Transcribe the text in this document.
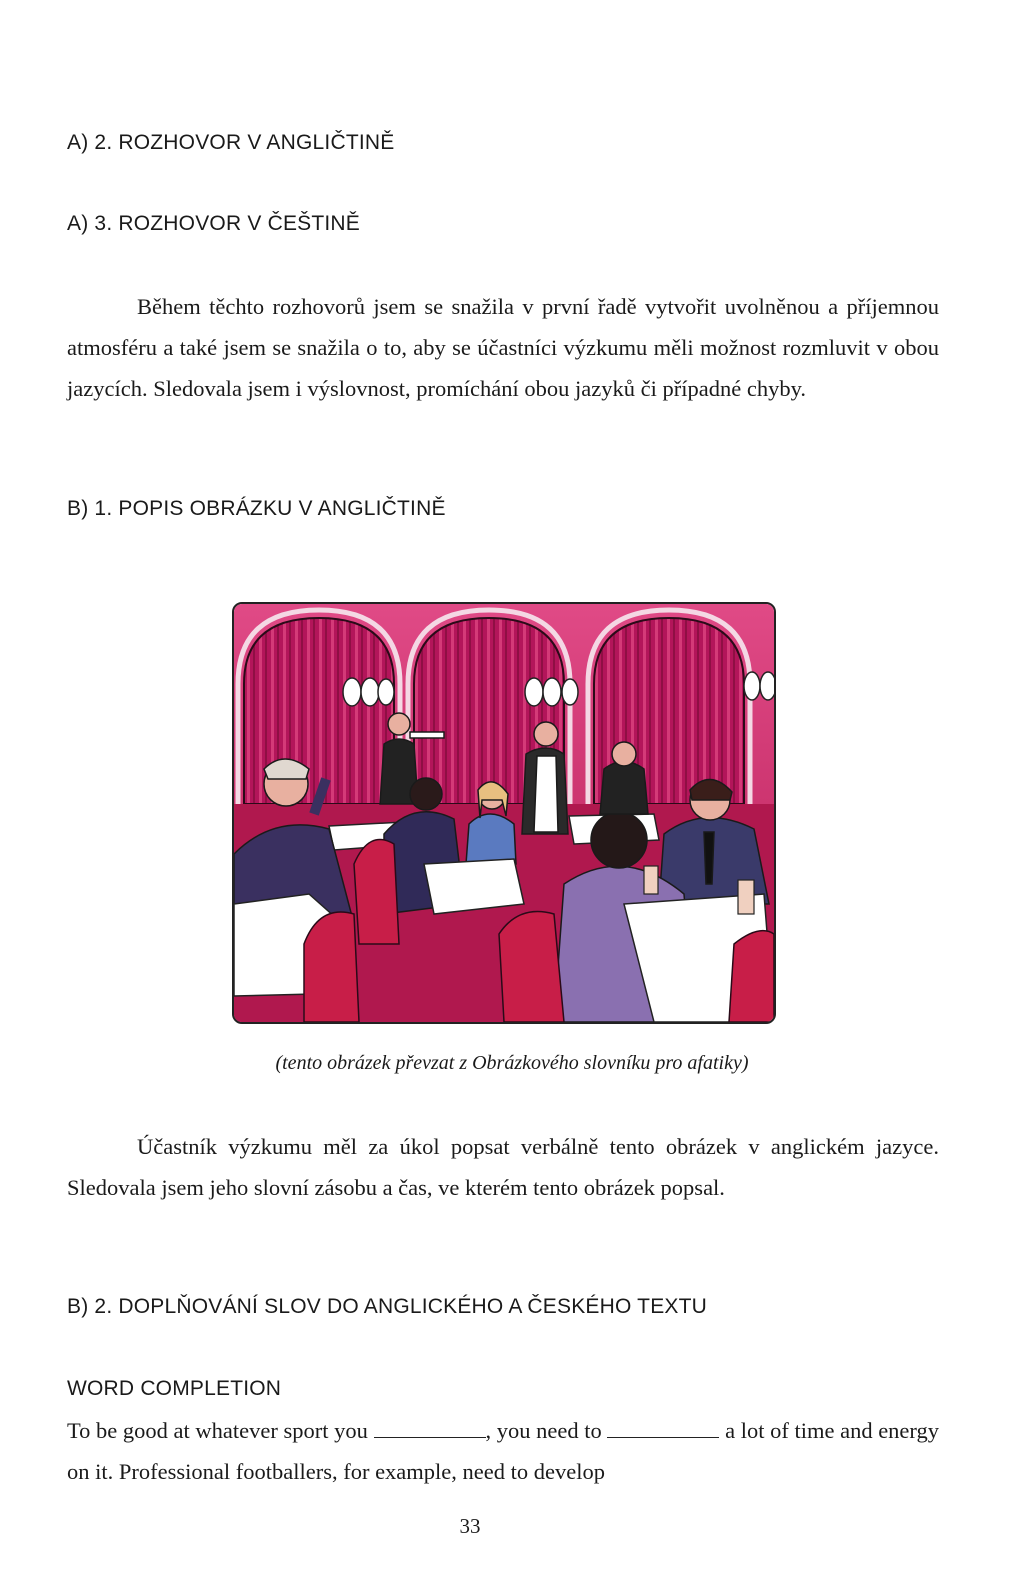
A) 2. ROZHOVOR V ANGLIČTINĚ
A) 3. ROZHOVOR V ČEŠTINĚ

Během těchto rozhovorů jsem se snažila v první řadě vytvořit uvolněnou a příjemnou atmosféru a také jsem se snažila o to, aby se účastníci výzkumu měli možnost rozmluvit v obou jazycích. Sledovala jsem i výslovnost, promíchání obou jazyků či případné chyby.

B) 1. POPIS OBRÁZKU V ANGLIČTINĚ
(tento obrázek převzat z Obrázkového slovníku pro afatiky)

Účastník výzkumu měl za úkol popsat verbálně tento obrázek v anglickém jazyce. Sledovala jsem jeho slovní zásobu a čas, ve kterém tento obrázek popsal.

B) 2. DOPLŇOVÁNÍ SLOV DO ANGLICKÉHO A ČESKÉHO TEXTU
WORD COMPLETION

To be good at whatever sport you	, you need to	a lot of time and energy on it. Professional footballers, for example, need to develop

33
